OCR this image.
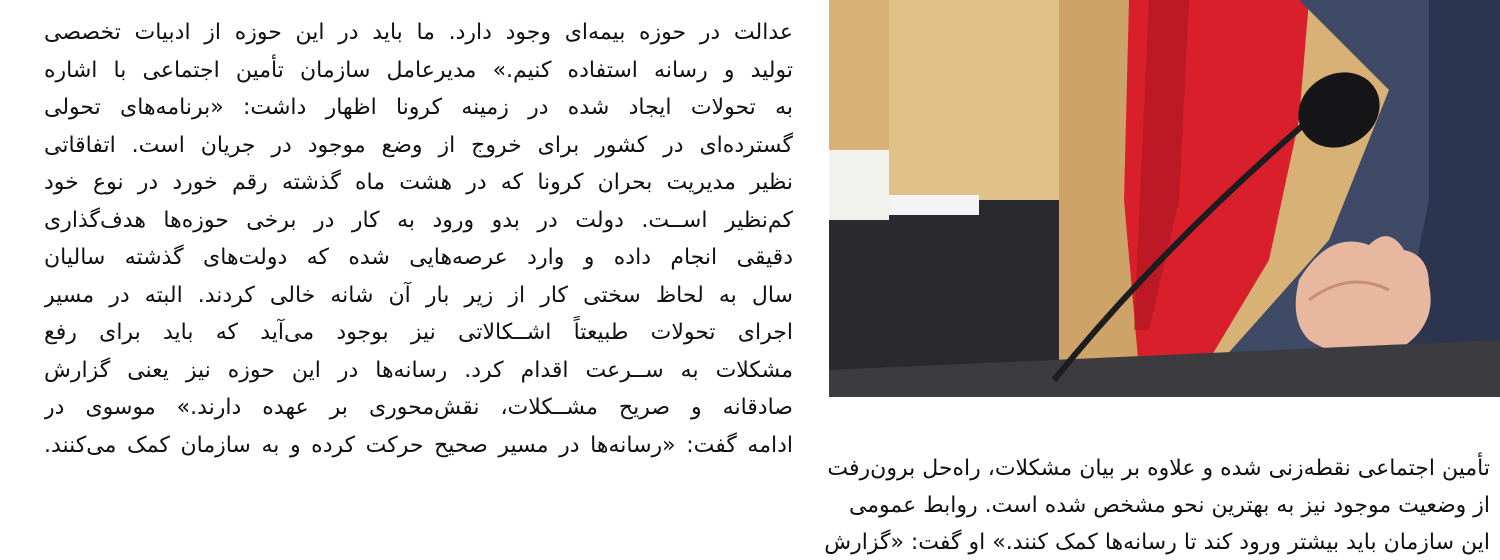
عدالت در حوزه بیمه‌ای وجود دارد. ما باید در این حوزه از ادبیات تخصصی

تولید و رسانه استفاده کنیم.» مدیرعامل سازمان تأمین اجتماعی با اشاره

به تحولات ایجاد شده در زمینه کرونا اظهار داشت: «برنامه‌های تحولی

گسترده‌ای در کشور برای خروج از وضع موجود در جریان است. اتفاقاتی

نظیر مدیریت بحران کرونا که در هشت ماه گذشته رقم خورد در نوع خود

کم‌نظیر اســت. دولت در بدو ورود به کار در برخی حوزه‌ها هدف‌گذاری

دقیقی انجام داده و وارد عرصه‌هایی شده که دولت‌های گذشته سالیان

سال به لحاظ سختی کار از زیر بار آن شانه خالی کردند. البته در مسیر

اجرای تحولات طبیعتاً اشــکالاتی نیز بوجود می‌آید که باید برای رفع

مشکلات به ســرعت اقدام کرد. رسانه‌ها در این حوزه نیز یعنی گزارش

صادقانه و صریح مشــکلات، نقش‌محوری بر عهده دارند.» موسوی در

ادامه گفت: «رسانه‌ها در مسیر صحیح حرکت کرده و به سازمان کمک می‌کنند.

تأمین اجتماعی نقطه‌زنی شده و علاوه بر بیان مشکلات، راه‌حل برون‌رفت

از وضعیت موجود نیز به بهترین نحو مشخص شده است. روابط عمومی

این سازمان باید بیشتر ورود کند تا رسانه‌ها کمک کنند.» او گفت: «گزارش
